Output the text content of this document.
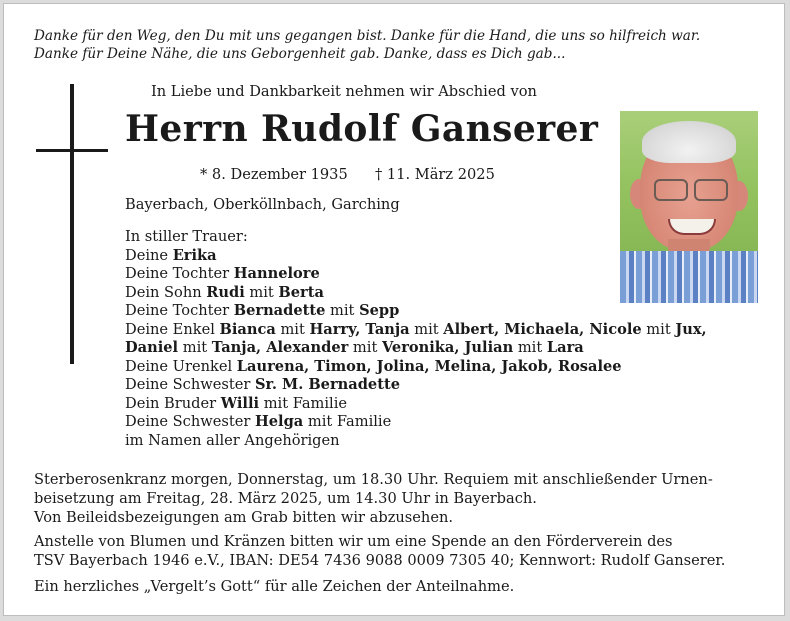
Danke für den Weg, den Du mit uns gegangen bist. Danke für die Hand, die uns so hilfreich war.
Danke für Deine Nähe, die uns Geborgenheit gab. Danke, dass es Dich gab...
In Liebe und Dankbarkeit nehmen wir Abschied von
Herrn Rudolf Ganserer
* 8. Dezember 1935 † 11. März 2025
Bayerbach, Oberköllnbach, Garching
In stiller Trauer:
Deine Erika
Deine Tochter Hannelore
Dein Sohn Rudi mit Berta
Deine Tochter Bernadette mit Sepp
Deine Enkel Bianca mit Harry, Tanja mit Albert, Michaela, Nicole mit Jux,
Daniel mit Tanja, Alexander mit Veronika, Julian mit Lara
Deine Urenkel Laurena, Timon, Jolina, Melina, Jakob, Rosalee
Deine Schwester Sr. M. Bernadette
Dein Bruder Willi mit Familie
Deine Schwester Helga mit Familie
im Namen aller Angehörigen
Sterberosenkranz morgen, Donnerstag, um 18.30 Uhr. Requiem mit anschließender Urnen-
beisetzung am Freitag, 28. März 2025, um 14.30 Uhr in Bayerbach.
Von Beileidsbezeigungen am Grab bitten wir abzusehen.
Anstelle von Blumen und Kränzen bitten wir um eine Spende an den Förderverein des
TSV Bayerbach 1946 e.V., IBAN: DE54 7436 9088 0009 7305 40; Kennwort: Rudolf Ganserer.
Ein herzliches „Vergelt’s Gott“ für alle Zeichen der Anteilnahme.
